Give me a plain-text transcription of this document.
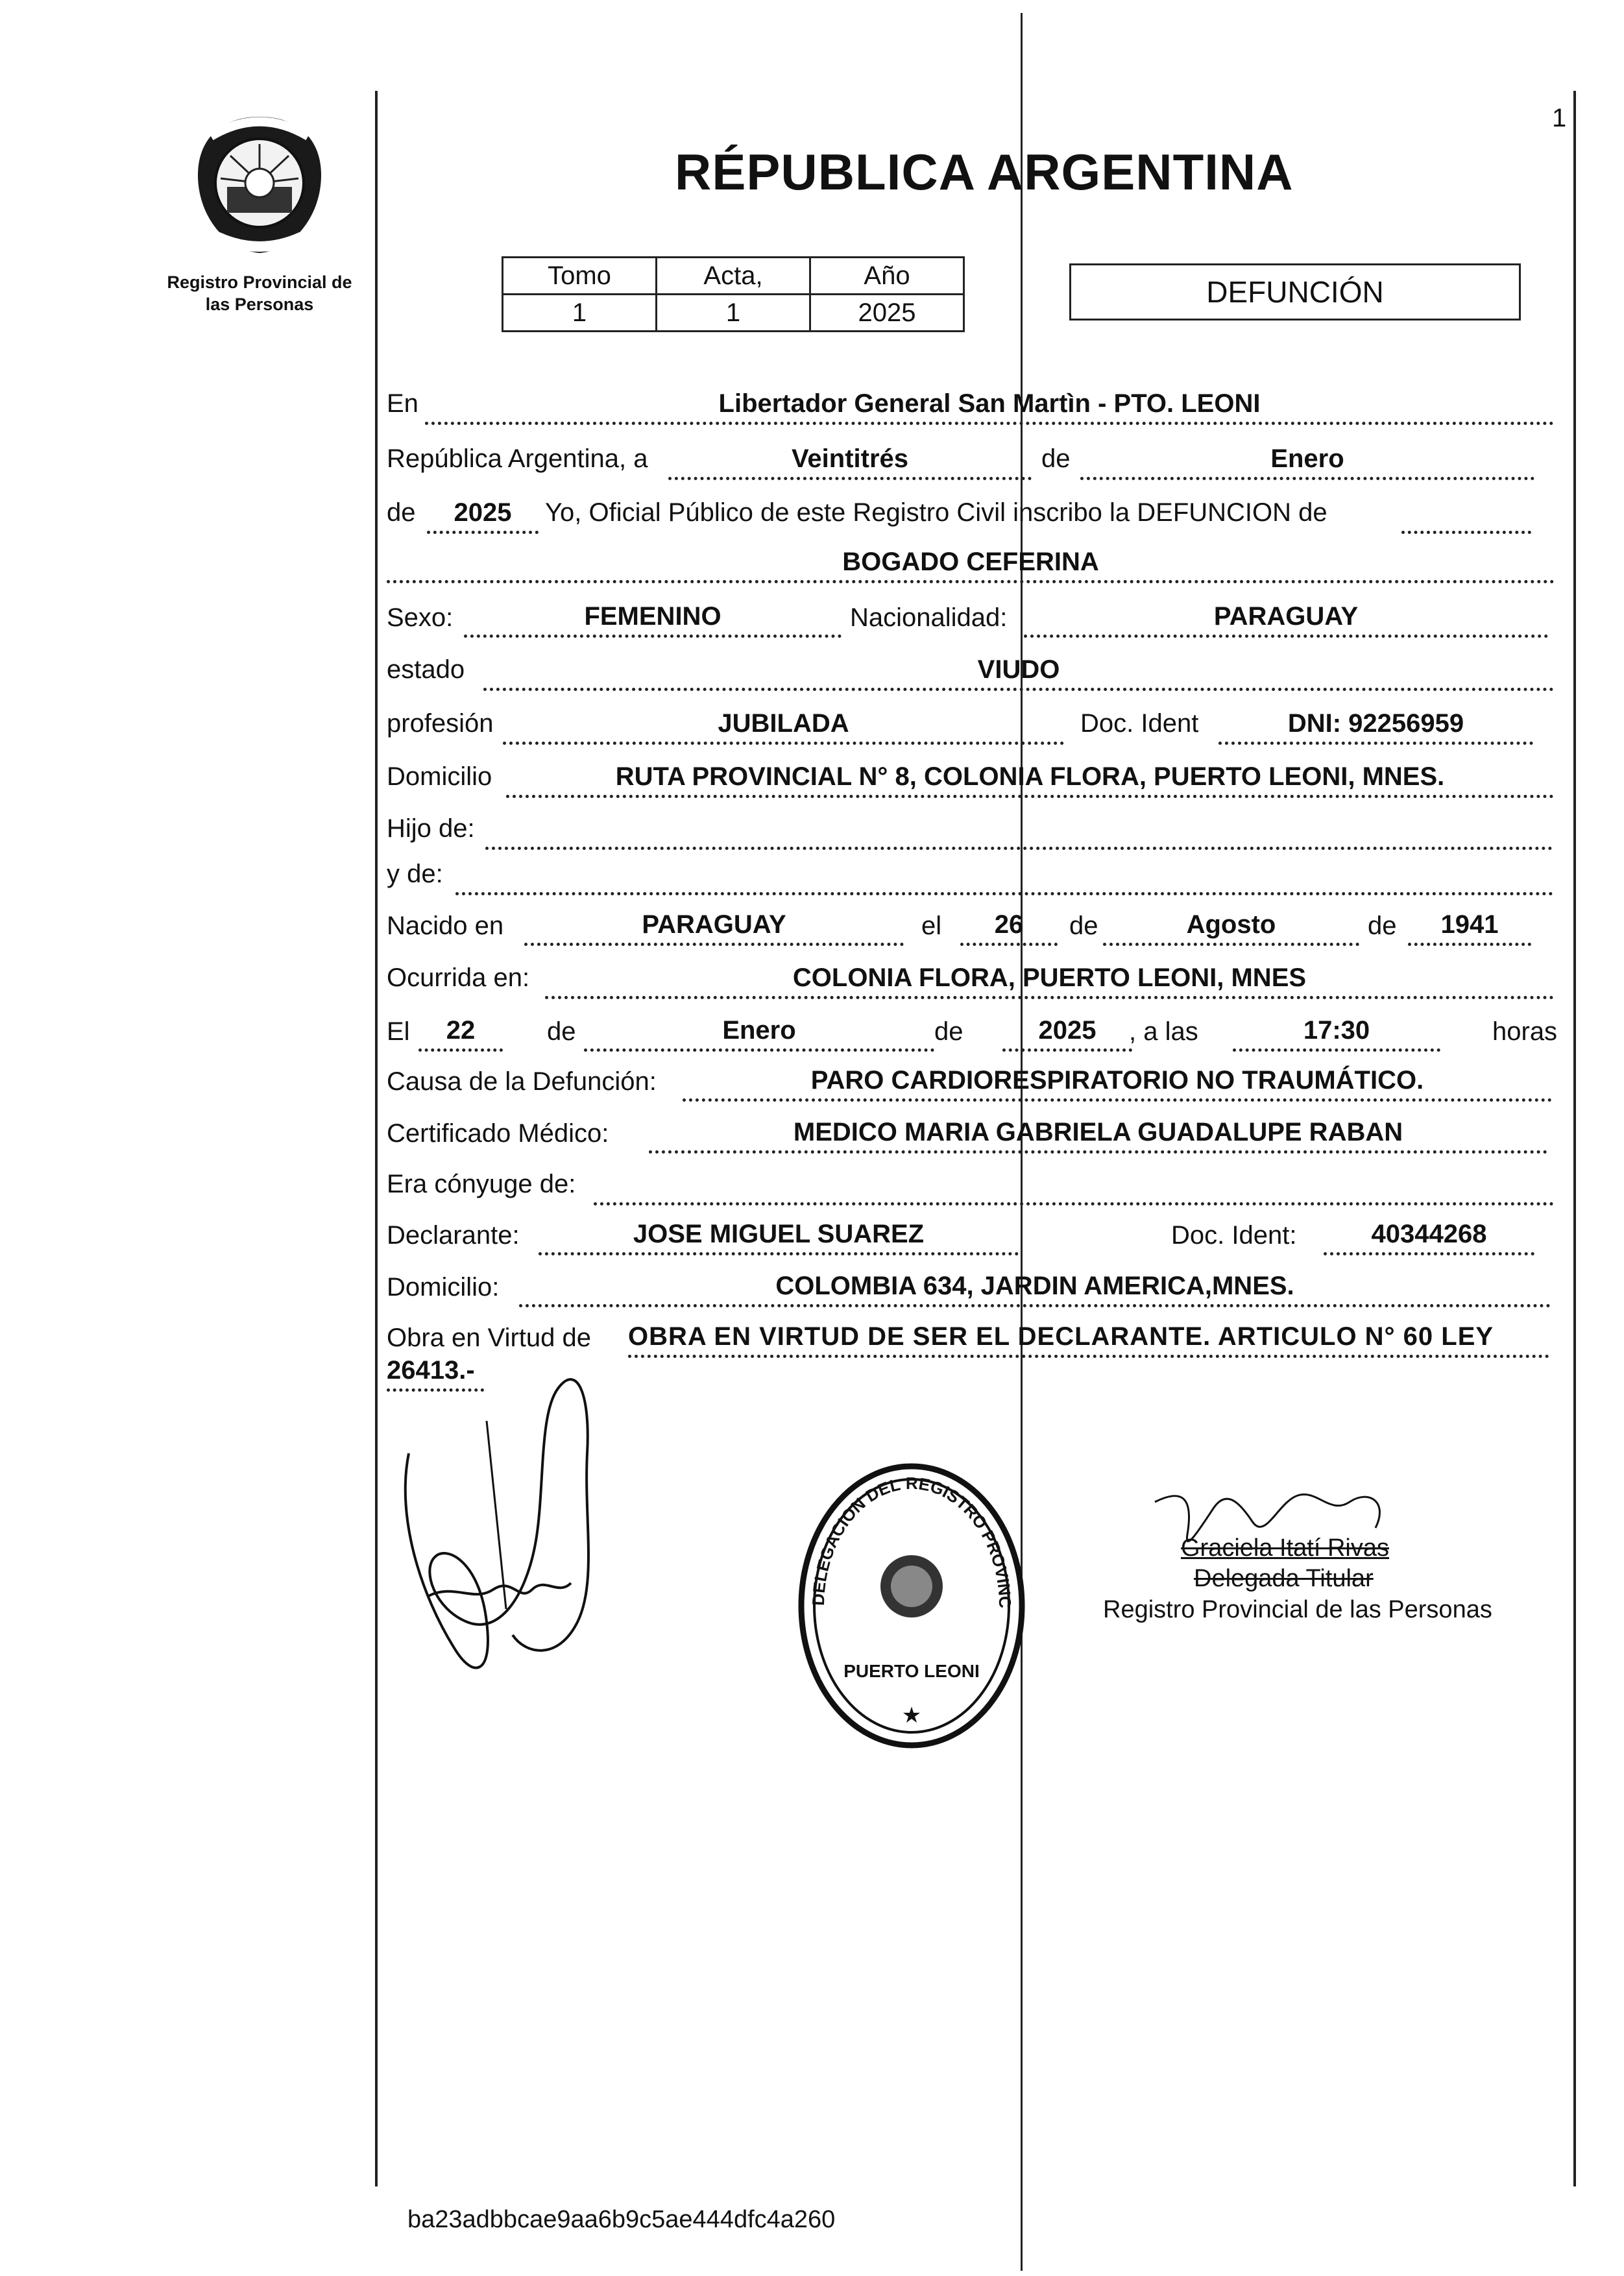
1
Registro Provincial de las Personas
RÉPUBLICA ARGENTINA
Tomo	Acta,	Año
1	1	2025
DEFUNCIÓN
En	Libertador General San Martìn - PTO. LEONI
República Argentina, a	Veintitrés	de	Enero
de	2025	Yo, Oficial Público de este Registro Civil inscribo la DEFUNCION de
BOGADO CEFERINA
Sexo:	FEMENINO	Nacionalidad:	PARAGUAY
estado	VIUDO
profesión	JUBILADA	Doc. Ident	DNI: 92256959
Domicilio	RUTA PROVINCIAL N° 8, COLONIA FLORA, PUERTO LEONI, MNES.
Hijo de:
y de:
Nacido en	PARAGUAY	el	26	de	Agosto	de	1941
Ocurrida en:	COLONIA FLORA, PUERTO LEONI, MNES
El	22	de	Enero	de	2025	, a las	17:30	horas
Causa de la Defunción:	PARO CARDIORESPIRATORIO NO TRAUMÁTICO.
Certificado Médico:	MEDICO MARIA GABRIELA GUADALUPE RABAN
Era cónyuge de:
Declarante:	JOSE MIGUEL SUAREZ	Doc. Ident:	40344268
Domicilio:	COLOMBIA 634, JARDIN AMERICA,MNES.
Obra en Virtud de OBRA EN VIRTUD DE SER EL DECLARANTE. ARTICULO N° 60 LEY
26413.-
DELEGACION DEL REGISTRO PROVINC
PUERTO LEONI
★
Graciela Itatí Rivas
Delegada Titular
Registro Provincial de las Personas
ba23adbbcae9aa6b9c5ae444dfc4a260
